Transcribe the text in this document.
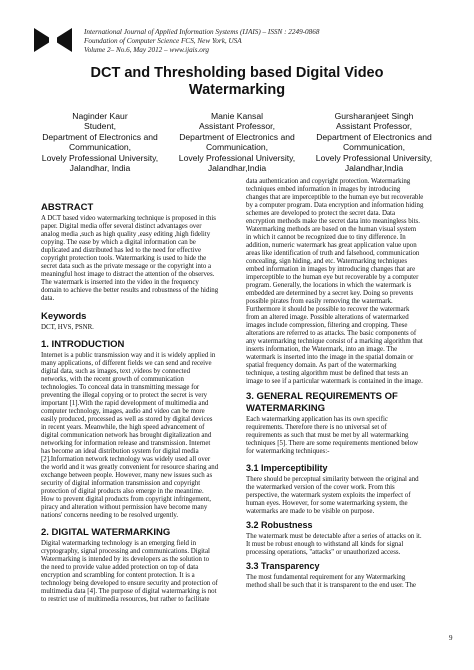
International Journal of Applied Information Systems (IJAIS) – ISSN : 2249-0868
Foundation of Computer Science FCS, New York, USA
Volume 2– No.6, May 2012 – www.ijais.org
DCT and Thresholding based Digital Video
Watermarking
Naginder Kaur
Student,
Department of Electronics and
Communication,
Lovely Professional University,
Jalandhar, India
Manie Kansal
Assistant Professor,
Department of Electronics and
Communication,
Lovely Professional University,
Jalandhar,India
Gursharanjeet Singh
Assistant Professor,
Department of Electronics and
Communication,
Lovely Professional University,
Jalandhar,India
ABSTRACT
A DCT based video watermarking technique is proposed in this
paper. Digital media offer several distinct advantages over
analog media ,such as high quality ,easy editing ,high fidelity
copying. The ease by which a digital information can be
duplicated and distributed has led to the need for effective
copyright protection tools. Watermarking is used to hide the
secret data such as the private message or the copyright into a
meaningful host image to distract the attention of the observes.
The watermark is inserted into the video in the frequency
domain to achieve the better results and robustness of the hiding
data.
Keywords
DCT, HVS, PSNR.
1. INTRODUCTION
Internet is a public transmission way and it is widely applied in
many applications, of different fields we can send and receive
digital data, such as images, text ,videos by connected
networks, with the recent growth of communication
technologies. To conceal data in transmitting message for
preventing the illegal copying or to protect the secret is very
important [1].With the rapid development of multimedia and
computer technology, images, audio and video can be more
easily produced, processed as well as stored by digital devices
in recent years. Meanwhile, the high speed advancement of
digital communication network has brought digitalization and
networking for information release and transmission. Internet
has become an ideal distribution system for digital media
[2].Information network technology was widely used all over
the world and it was greatly convenient for resource sharing and
exchange between people. However, many new issues such as
security of digital information transmission and copyright
protection of digital products also emerge in the meantime.
How to prevent digital products from copyright infringement,
piracy and alteration without permission have become many
nations' concerns needing to be resolved urgently.
2. DIGITAL WATERMARKING
Digital watermarking technology is an emerging field in
cryptography, signal processing and communications. Digital
Watermarking is intended by its developers as the solution to
the need to provide value added protection on top of data
encryption and scrambling for content protection. It is a
technology being developed to ensure security and protection of
multimedia data [4]. The purpose of digital watermarking is not
to restrict use of multimedia resources, but rather to facilitate
data authentication and copyright protection. Watermarking
techniques embed information in images by introducing
changes that are imperceptible to the human eye but recoverable
by a computer program. Data encryption and information hiding
schemes are developed to protect the secret data. Data
encryption methods make the secret data into meaningless bits.
Watermarking methods are based on the human visual system
in which it cannot be recognized due to tiny difference. In
addition, numeric watermark has great application value upon
areas like identification of truth and falsehood, communication
concealing, sign hiding, and etc. Watermarking techniques
embed information in images by introducing changes that are
imperceptible to the human eye but recoverable by a computer
program. Generally, the locations in which the watermark is
embedded are determined by a secret key. Doing so prevents
possible pirates from easily removing the watermark.
Furthermore it should be possible to recover the watermark
from an altered image. Possible alterations of watermarked
images include compression, filtering and cropping. These
alterations are referred to as attacks. The basic components of
any watermarking technique consist of a marking algorithm that
inserts information, the Watermark, into an image. The
watermark is inserted into the image in the spatial domain or
spatial frequency domain. As part of the watermarking
technique, a testing algorithm must be defined that tests an
image to see if a particular watermark is contained in the image.
3. GENERAL REQUIREMENTS OF
WATERMARKING
Each watermarking application has its own specific
requirements. Therefore there is no universal set of
requirements as such that must be met by all watermarking
techniques [5]. There are some requirements mentioned below
for watermarking techniques:-
3.1 Imperceptibility
There should be perceptual similarity between the original and
the watermarked version of the cover work. From this
perspective, the watermark system exploits the imperfect of
human eyes. However, for some watermarking system, the
watermarks are made to be visible on purpose.
3.2 Robustness
The watermark must be detectable after a series of attacks on it.
It must be robust enough to withstand all kinds for signal
processing operations, "attacks" or unauthorized access.
3.3 Transparency
The most fundamental requirement for any Watermarking
method shall be such that it is transparent to the end user. The
9
